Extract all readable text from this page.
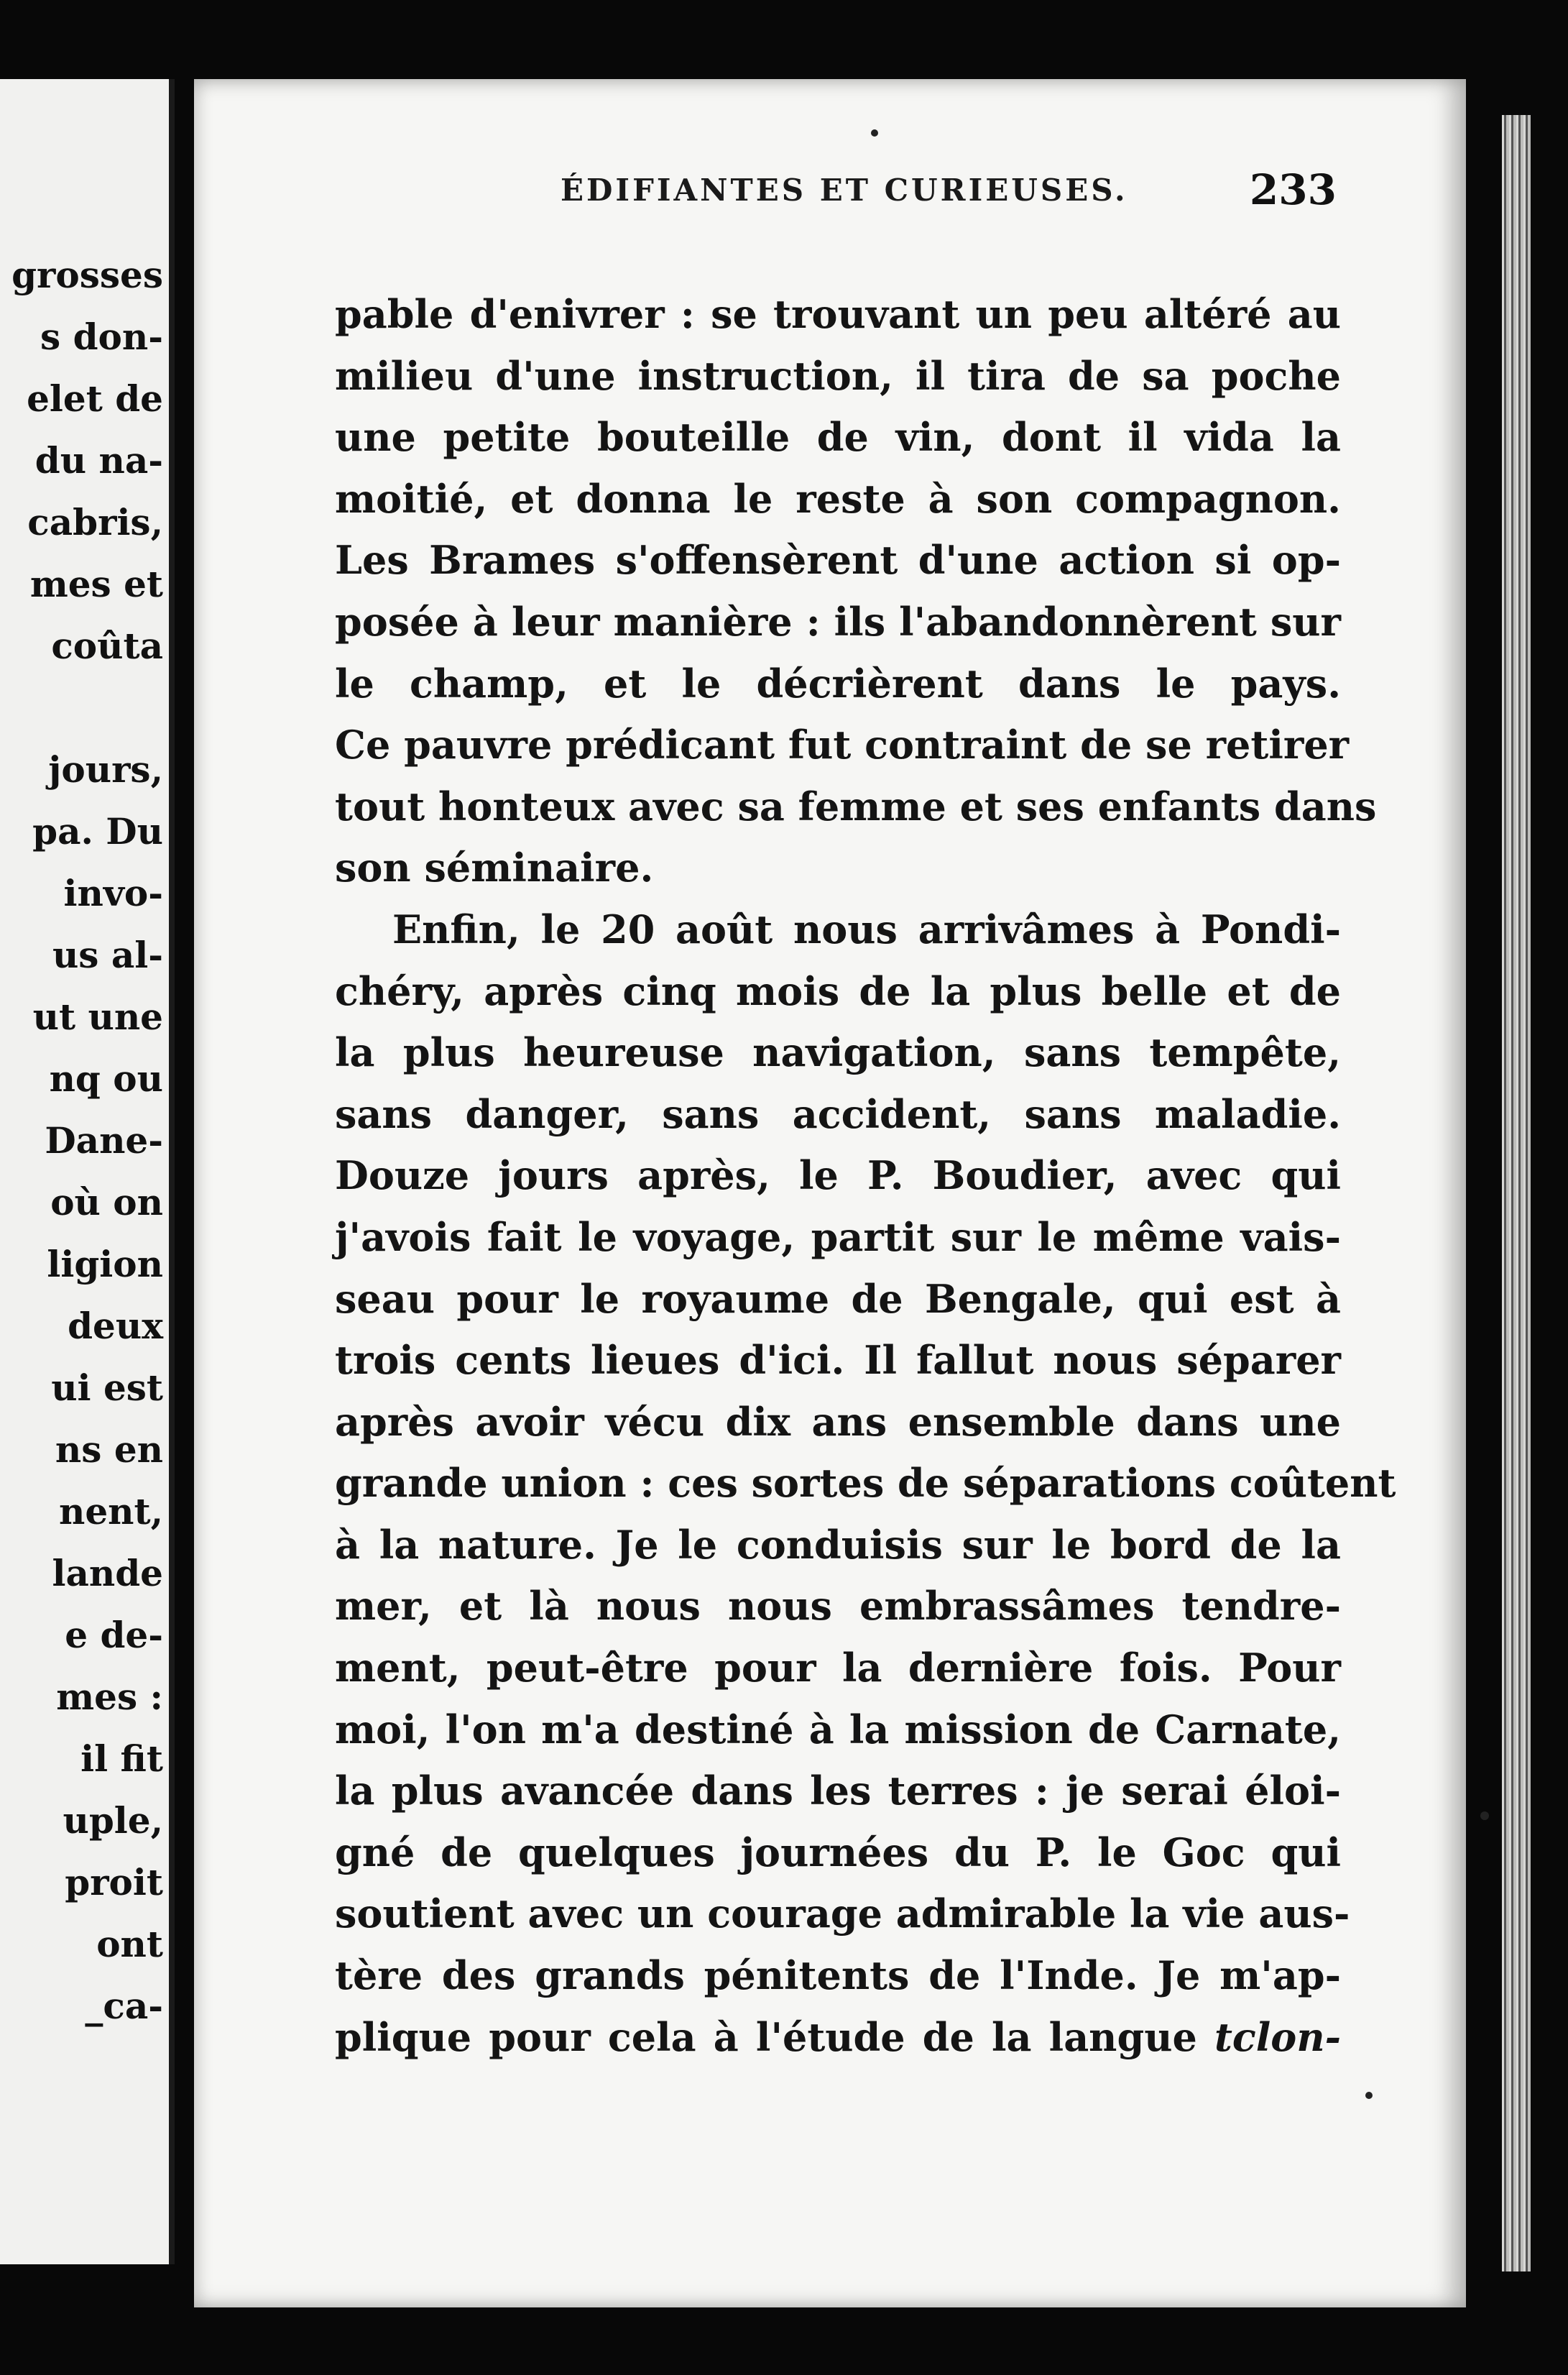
grosses
s don-
elet de
du na-
cabris,
mes et
coûta
jours,
pa. Du
invo-
us al-
ut une
nq ou
Dane-
où on
ligion
deux
ui est
ns en
nent,
lande
e de-
mes :
il fit
uple,
proit
ont
_ca-
ÉDIFIANTES ET CURIEUSES.	233
pable d'enivrer : se trouvant un peu altéré au
milieu d'une instruction, il tira de sa poche
une petite bouteille de vin, dont il vida la
moitié, et donna le reste à son compagnon.
Les Brames s'offensèrent d'une action si op-
posée à leur manière : ils l'abandonnèrent sur
le champ, et le décrièrent dans le pays.
Ce pauvre prédicant fut contraint de se retirer
tout honteux avec sa femme et ses enfants dans
son séminaire.
Enfin, le 20 août nous arrivâmes à Pondi-
chéry, après cinq mois de la plus belle et de
la plus heureuse navigation, sans tempête,
sans danger, sans accident, sans maladie.
Douze jours après, le P. Boudier, avec qui
j'avois fait le voyage, partit sur le même vais-
seau pour le royaume de Bengale, qui est à
trois cents lieues d'ici. Il fallut nous séparer
après avoir vécu dix ans ensemble dans une
grande union : ces sortes de séparations coûtent
à la nature. Je le conduisis sur le bord de la
mer, et là nous nous embrassâmes tendre-
ment, peut-être pour la dernière fois. Pour
moi, l'on m'a destiné à la mission de Carnate,
la plus avancée dans les terres : je serai éloi-
gné de quelques journées du P. le Goc qui
soutient avec un courage admirable la vie aus-
tère des grands pénitents de l'Inde. Je m'ap-
plique pour cela à l'étude de la langue tclon-
